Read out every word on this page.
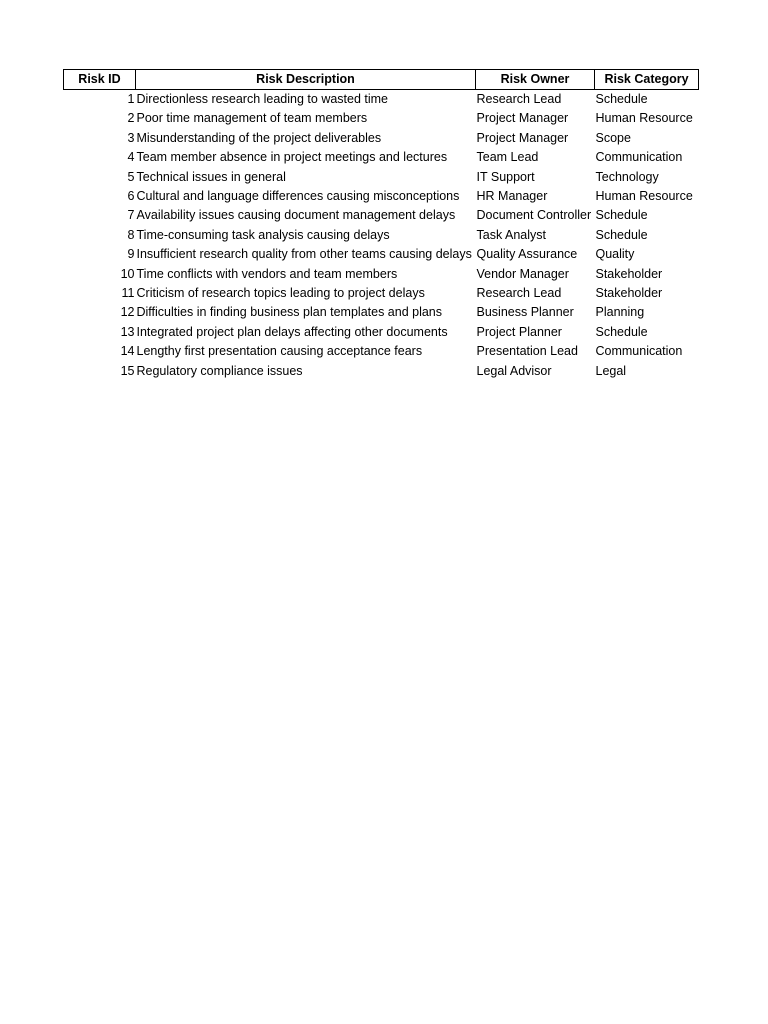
Risk ID	Risk Description	Risk Owner	Risk Category
1	Directionless research leading to wasted time	Research Lead	Schedule
2	Poor time management of team members	Project Manager	Human Resource
3	Misunderstanding of the project deliverables	Project Manager	Scope
4	Team member absence in project meetings and lectures	Team Lead	Communication
5	Technical issues in general	IT Support	Technology
6	Cultural and language differences causing misconceptions	HR Manager	Human Resource
7	Availability issues causing document management delays	Document Controller	Schedule
8	Time-consuming task analysis causing delays	Task Analyst	Schedule
9	Insufficient research quality from other teams causing delays	Quality Assurance	Quality
10	Time conflicts with vendors and team members	Vendor Manager	Stakeholder
11	Criticism of research topics leading to project delays	Research Lead	Stakeholder
12	Difficulties in finding business plan templates and plans	Business Planner	Planning
13	Integrated project plan delays affecting other documents	Project Planner	Schedule
14	Lengthy first presentation causing acceptance fears	Presentation Lead	Communication
15	Regulatory compliance issues	Legal Advisor	Legal
